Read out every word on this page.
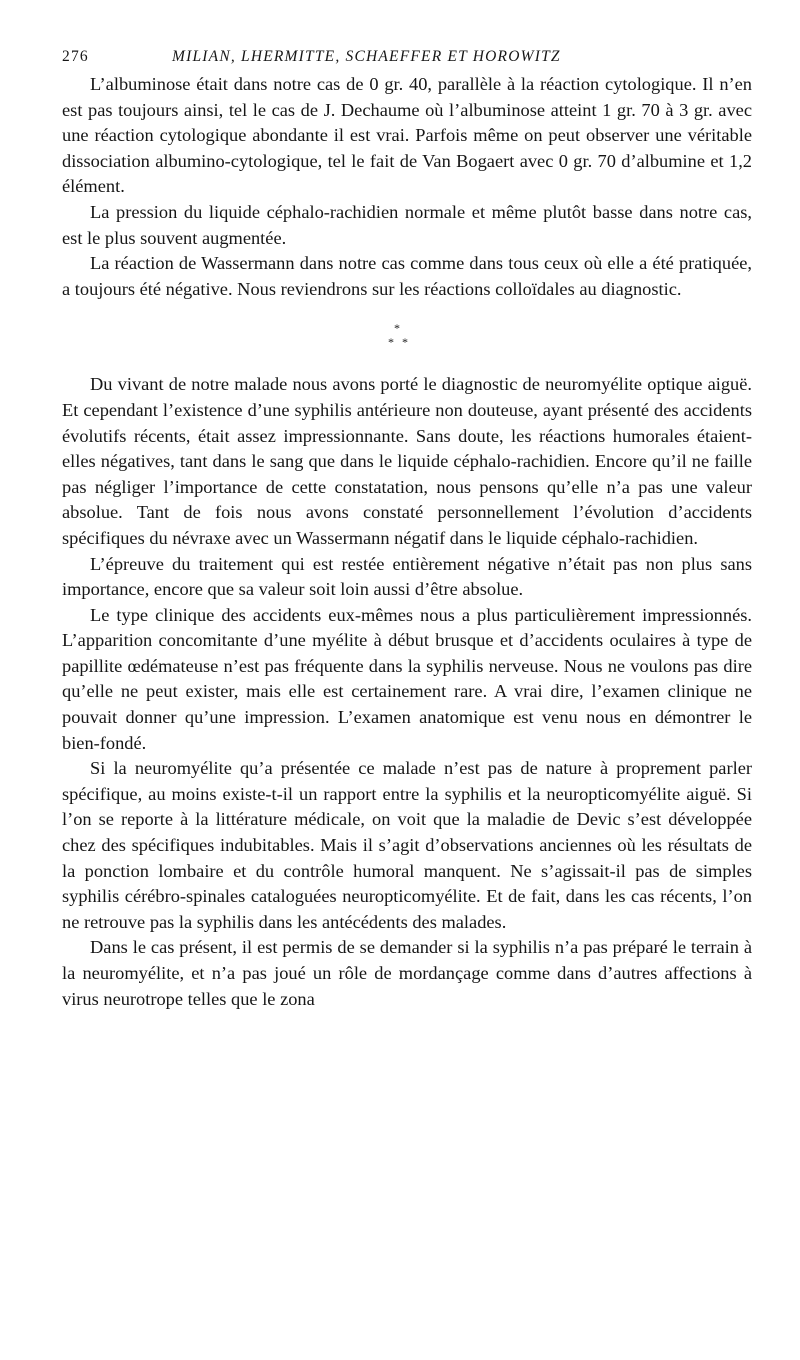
276	MILIAN, LHERMITTE, SCHAEFFER ET HOROWITZ

L’albuminose était dans notre cas de 0 gr. 40, parallèle à la réaction cytologique. Il n’en est pas toujours ainsi, tel le cas de J. Dechaume où l’albuminose atteint 1 gr. 70 à 3 gr. avec une réaction cytologique abondante il est vrai. Parfois même on peut observer une véritable dissociation albumino-cytologique, tel le fait de Van Bogaert avec 0 gr. 70 d’albumine et 1,2 élément.

La pression du liquide céphalo-rachidien normale et même plutôt basse dans notre cas, est le plus souvent augmentée.

La réaction de Wassermann dans notre cas comme dans tous ceux où elle a été pratiquée, a toujours été négative. Nous reviendrons sur les réactions colloïdales au diagnostic.

*
* *

Du vivant de notre malade nous avons porté le diagnostic de neuromyélite optique aiguë. Et cependant l’existence d’une syphilis antérieure non douteuse, ayant présenté des accidents évolutifs récents, était assez impressionnante. Sans doute, les réactions humorales étaient-elles négatives, tant dans le sang que dans le liquide céphalo-rachidien. Encore qu’il ne faille pas négliger l’importance de cette constatation, nous pensons qu’elle n’a pas une valeur absolue. Tant de fois nous avons constaté personnellement l’évolution d’accidents spécifiques du névraxe avec un Wassermann négatif dans le liquide céphalo-rachidien.

L’épreuve du traitement qui est restée entièrement négative n’était pas non plus sans importance, encore que sa valeur soit loin aussi d’être absolue.

Le type clinique des accidents eux-mêmes nous a plus particulièrement impressionnés. L’apparition concomitante d’une myélite à début brusque et d’accidents oculaires à type de papillite œdémateuse n’est pas fréquente dans la syphilis nerveuse. Nous ne voulons pas dire qu’elle ne peut exister, mais elle est certainement rare. A vrai dire, l’examen clinique ne pouvait donner qu’une impression. L’examen anatomique est venu nous en démontrer le bien-fondé.

Si la neuromyélite qu’a présentée ce malade n’est pas de nature à proprement parler spécifique, au moins existe-t-il un rapport entre la syphilis et la neuropticomyélite aiguë. Si l’on se reporte à la littérature médicale, on voit que la maladie de Devic s’est développée chez des spécifiques indubitables. Mais il s’agit d’observations anciennes où les résultats de la ponction lombaire et du contrôle humoral manquent. Ne s’agissait-il pas de simples syphilis cérébro-spinales cataloguées neuropticomyélite. Et de fait, dans les cas récents, l’on ne retrouve pas la syphilis dans les antécédents des malades.

Dans le cas présent, il est permis de se demander si la syphilis n’a pas préparé le terrain à la neuromyélite, et n’a pas joué un rôle de mordançage comme dans d’autres affections à virus neurotrope telles que le zona
